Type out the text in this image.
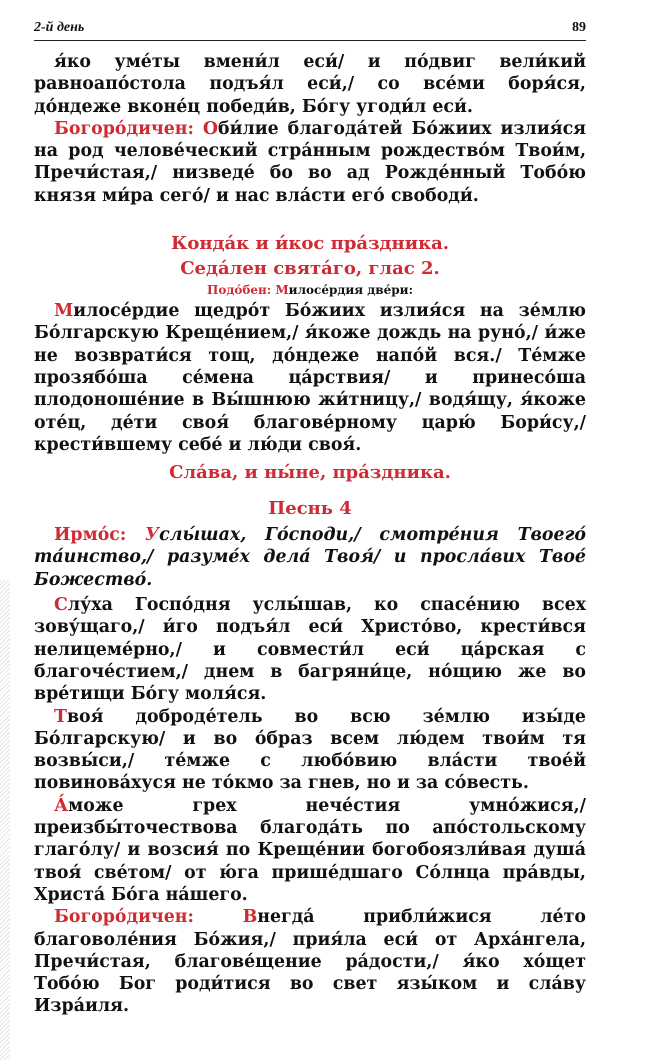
2-й день	89

я́ко уме́ты вмени́л еси́/ и по́двиг вели́кий равноапо́стола подъя́л еси́,/ со все́ми боря́ся, до́ндеже вконе́ц победи́в, Бо́гу угоди́л еси́.

Богоро́дичен: Оби́лие благода́тей Бо́жиих излия́ся на род челове́ческий стра́нным рождество́м Твои́м, Пречи́стая,/ низведе́ бо во ад Рожде́нный Тобо́ю князя ми́ра сего́/ и нас вла́сти его́ свободи́.

Конда́к и и́кос пра́здника.

Седа́лен свята́го, глас 2.

Подо́бен: Милосе́рдия две́ри:

Милосе́рдие щедро́т Бо́жиих излия́ся на зе́млю Бо́лгарскую Креще́нием,/ я́коже дождь на руно́,/ и́же не возврати́ся тощ, до́ндеже напо́й вся./ Те́мже прозябо́ша се́мена ца́рствия/ и принесо́ша плодоноше́ние в Вы́шнюю жи́тницу,/ водя́щу, я́коже оте́ц, де́ти своя́ благове́рному царю́ Бори́су,/ крести́вшему себе́ и лю́ди своя́.

Сла́ва, и ны́не, пра́здника.

Песнь 4

Ирмо́с: Услы́шах, Го́споди,/ смотре́ния Твоего́ та́инство,/ разуме́х дела́ Твоя́/ и просла́вих Твое́ Божество́.

Слу́ха Госпо́дня услы́шав, ко спасе́нию всех зову́щаго,/ и́го подъя́л еси́ Христо́во, крести́вся нелицеме́рно,/ и совмести́л еси́ ца́рская с благоче́стием,/ днем в багряни́це, но́щию же во вре́тищи Бо́гу моля́ся.

Твоя́ доброде́тель во всю зе́млю изы́де Бо́лгарскую/ и во о́браз всем лю́дем твои́м тя возвы́си,/ те́мже с любо́вию вла́сти твое́й повинова́хуся не то́кмо за гнев, но и за со́весть.

А́може грех нече́стия умно́жися,/ преизбы́точествова благода́ть по апо́стольскому глаго́лу/ и возсия́ по Креще́нии богобоязли́вая душа́ твоя́ све́том/ от ю́га прише́дшаго Со́лнца пра́вды, Христа́ Бо́га на́шего.

Богоро́дичен:	Внегда́ прибли́жися ле́то благоволе́ния Бо́жия,/ прия́ла еси́ от Арха́нгела, Пречи́стая, благове́щение ра́дости,/ я́ко хо́щет Тобо́ю Бог роди́тися во свет язы́ком и сла́ву Изра́иля.
